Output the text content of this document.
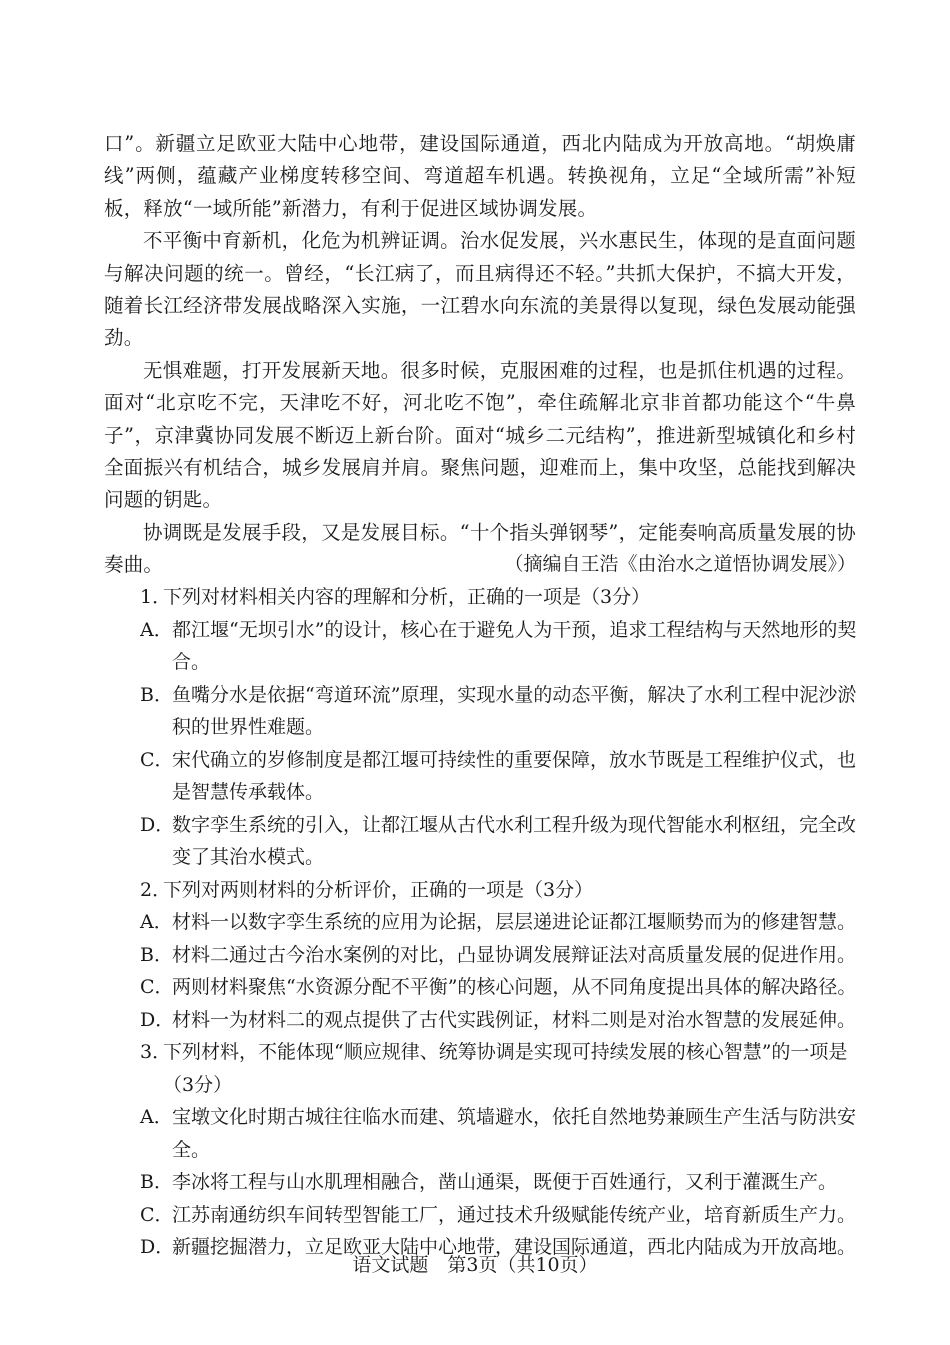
口”。新疆立足欧亚大陆中心地带，建设国际通道，西北内陆成为开放高地。“胡焕庸线”两侧，蕴藏产业梯度转移空间、弯道超车机遇。转换视角，立足“全域所需”补短板，释放“一域所能”新潜力，有利于促进区域协调发展。

不平衡中育新机，化危为机辨证调。治水促发展，兴水惠民生，体现的是直面问题与解决问题的统一。曾经，“长江病了，而且病得还不轻。”共抓大保护，不搞大开发，随着长江经济带发展战略深入实施，一江碧水向东流的美景得以复现，绿色发展动能强劲。

无惧难题，打开发展新天地。很多时候，克服困难的过程，也是抓住机遇的过程。面对“北京吃不完，天津吃不好，河北吃不饱”，牵住疏解北京非首都功能这个“牛鼻子”，京津冀协同发展不断迈上新台阶。面对“城乡二元结构”，推进新型城镇化和乡村全面振兴有机结合，城乡发展肩并肩。聚焦问题，迎难而上，集中攻坚，总能找到解决问题的钥匙。

协调既是发展手段，又是发展目标。“十个指头弹钢琴”，定能奏响高质量发展的协奏曲。	（摘编自王浩《由治水之道悟协调发展》）
1．
下列对材料相关内容的理解和分析，正确的一项是（3分）
A． 都江堰“无坝引水”的设计，核心在于避免人为干预，追求工程结构与天然地形的契合。
B． 鱼嘴分水是依据“弯道环流”原理，实现水量的动态平衡，解决了水利工程中泥沙淤积的世界性难题。
C．
宋代确立的岁修制度是都江堰可持续性的重要保障，放水节既是工程维护仪式，也是智慧传承载体。
D．
数字孪生系统的引入，让都江堰从古代水利工程升级为现代智能水利枢纽，完全改变了其治水模式。
2．
下列对两则材料的分析评价，正确的一项是（3分）
A． 材料一以数字孪生系统的应用为论据，层层递进论证都江堰顺势而为的修建智慧。
B． 材料二通过古今治水案例的对比，凸显协调发展辩证法对高质量发展的促进作用。
C．
两则材料聚焦“水资源分配不平衡”的核心问题，从不同角度提出具体的解决路径。
D．
材料一为材料二的观点提供了古代实践例证，材料二则是对治水智慧的发展延伸。
3．
下列材料，不能体现“顺应规律、统筹协调是实现可持续发展的核心智慧”的一项是（3分）
A． 宝墩文化时期古城往往临水而建、筑墙避水，依托自然地势兼顾生产生活与防洪安全。
B． 李冰将工程与山水肌理相融合，凿山通渠，既便于百姓通行，又利于灌溉生产。
C．
江苏南通纺织车间转型智能工厂，通过技术升级赋能传统产业，培育新质生产力。
D．
新疆挖掘潜力，立足欧亚大陆中心地带，建设国际通道，西北内陆成为开放高地。
语文试题　第3页（共10页）
